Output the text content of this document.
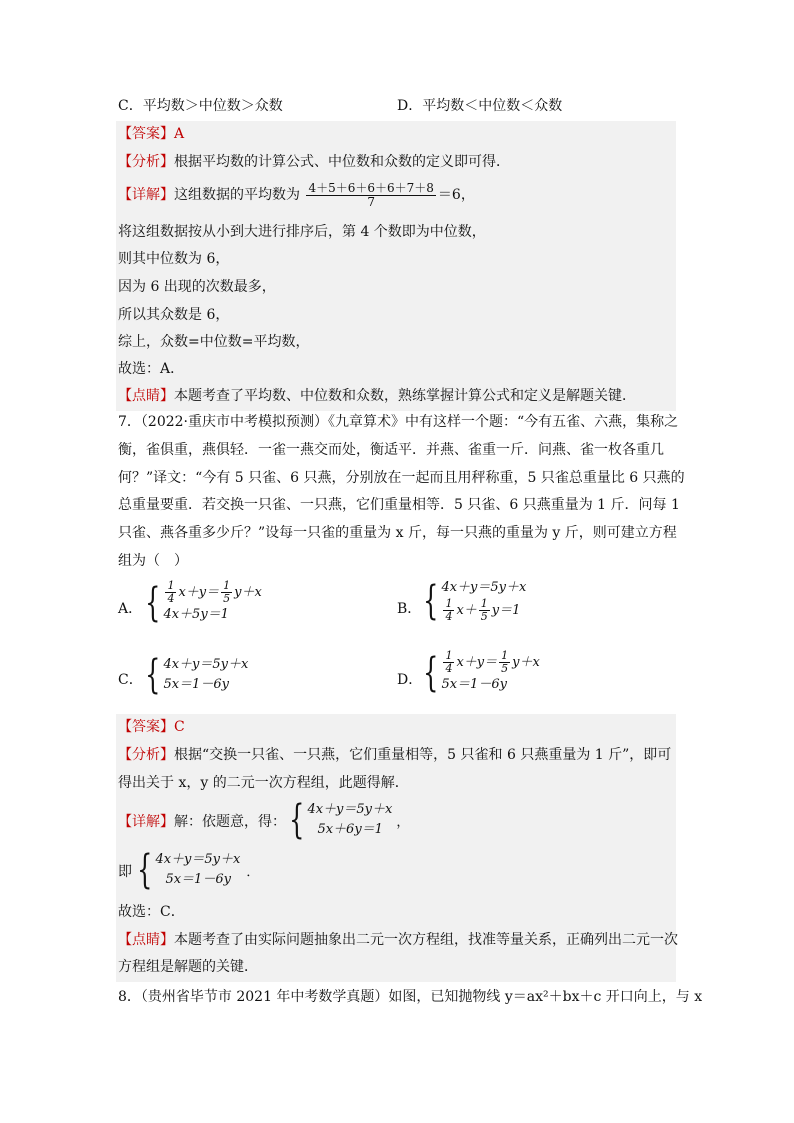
C．平均数＞中位数＞众数	D．平均数＜中位数＜众数
【答案】A
【分析】根据平均数的计算公式、中位数和众数的定义即可得．
【详解】这组数据的平均数为 $\frac{4+5+6+6+6+7+8}{7} =6$，
将这组数据按从小到大进行排序后，第 4 个数即为中位数，
则其中位数为 6，
因为 6 出现的次数最多，
所以其众数是 6，
综上，众数=中位数=平均数，
故选：A．
【点睛】本题考查了平均数、中位数和众数，熟练掌握计算公式和定义是解题关键．
7．（2022·重庆市中考模拟预测）《九章算术》中有这样一个题：“今有五雀、六燕，集称之
衡，雀俱重，燕俱轻．一雀一燕交而处，衡适平．并燕、雀重一斤．问燕、雀一枚各重几
何？”译文：“今有 5 只雀、6 只燕，分别放在一起而且用秤称重，5 只雀总重量比 6 只燕的
总重量要重．若交换一只雀、一只燕，它们重量相等．5 只雀、6 只燕重量为 1 斤．问每 1
只雀、燕各重多少斤？”设每一只雀的重量为 x 斤，每一只燕的重量为 y 斤，则可建立方程
组为（　）
A． { $\frac{1}{4} x+y= \frac{1}{5} y+x$
4x＋5y＝1	B． { 4x＋y＝5y＋x
$\frac{1}{4} x+ \frac{1}{5} y=1$
C． { 4x＋y＝5y＋x
5x＝1－6y	D． { $\frac{1}{4} x+y= \frac{1}{5} y+x$
5x＝1－6y
【答案】C
【分析】根据“交换一只雀、一只燕，它们重量相等，5 只雀和 6 只燕重量为 1 斤”，即可
得出关于 x，y 的二元一次方程组，此题得解．
【详解】解：依题意，得： { 4x＋y＝5y＋x
5x＋6y＝1	，
即 { 4x＋y＝5y＋x
5x＝1－6y	．
故选：C．
【点睛】本题考查了由实际问题抽象出二元一次方程组，找准等量关系，正确列出二元一次
方程组是解题的关键．
8．（贵州省毕节市 2021 年中考数学真题）如图，已知抛物线 y＝ax²＋bx＋c 开口向上，与 x
